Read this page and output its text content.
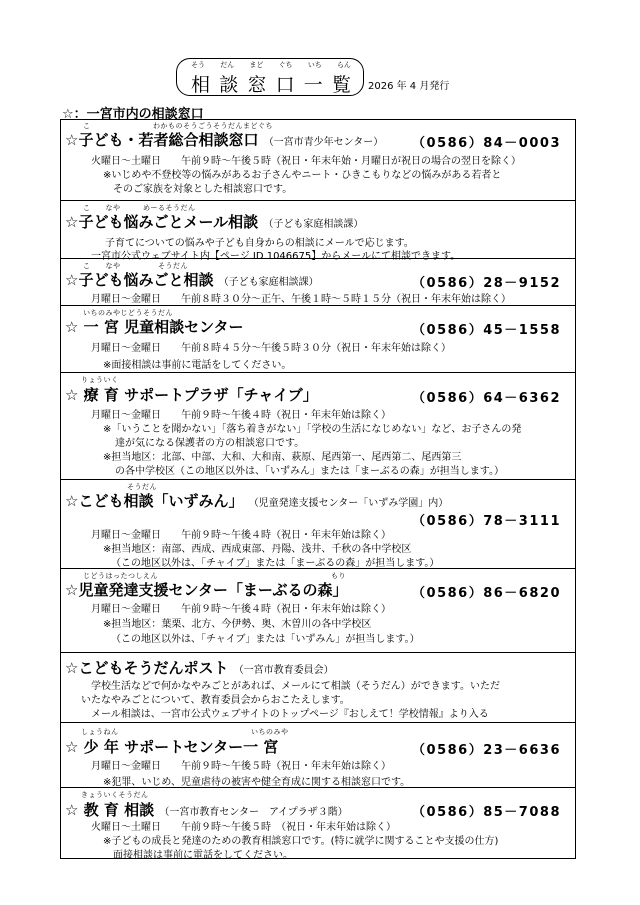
そう だん まど ぐち いち らん
相 談 窓 口 一 覧 2026 年 4 月発行
☆：一宮市内の相談窓口
こ	わかものそうごうそうだんまどぐち
☆子ども・若者総合相談窓口 （一宮市青少年センター） （0586）84－0003
火曜日～土曜日　　午前９時～午後５時（祝日・年末年始・月曜日が祝日の場合の翌日を除く）
※いじめや不登校等の悩みがあるお子さんやニート・ひきこもりなどの悩みがある若者と
そのご家族を対象とした相談窓口です。
こ　　なや　　　めーるそうだん
☆子ども悩みごとメール相談 （子ども家庭相談課）
子育てについての悩みや子ども自身からの相談にメールで応じます。
一宮市公式ウェブサイト内【ページ ID 1046675】からメールにて相談できます。
こ　　なや　　　　　そうだん
☆子ども悩みごと相談 （子ども家庭相談課）	（0586）28－9152
月曜日～金曜日　　午前８時３０分～正午、午後１時～５時１５分（祝日・年末年始は除く）
いちのみやじどうそうだん
☆ 一 宮 児童相談センター	（0586）45－1558
月曜日～金曜日　　午前８時４５分～午後５時３０分（祝日・年末年始は除く）
※面接相談は事前に電話をしてください。
りょういく
☆ 療 育 サポートプラザ「チャイブ」	（0586）64－6362
月曜日～金曜日　　午前９時～午後４時（祝日・年末年始は除く）
※「いうことを聞かない」「落ち着きがない」「学校の生活になじめない」など、お子さんの発
達が気になる保護者の方の相談窓口です。
※担当地区：北部、中部、大和、大和南、萩原、尾西第一、尾西第二、尾西第三
の各中学校区（この地区以外は、「いずみん」または「まーぶるの森」が担当します。）
そうだん
☆こども相談「いずみん」 （児童発達支援センター「いずみ学園」内）
（0586）78－3111
月曜日～金曜日　　午前９時～午後４時（祝日・年末年始は除く）
※担当地区：南部、西成、西成東部、丹陽、浅井、千秋の各中学校区
（この地区以外は、「チャイブ」または「まーぶるの森」が担当します。）
じどうはったつしえん	もり
☆児童発達支援センター「まーぶるの森」	（0586）86－6820
月曜日～金曜日　　午前９時～午後４時（祝日・年末年始は除く）
※担当地区：葉栗、北方、今伊勢、奥、木曽川の各中学校区
（この地区以外は、「チャイブ」または「いずみん」が担当します。）
☆こどもそうだんポスト （一宮市教育委員会）
学校生活などで何かなやみごとがあれば、メールにて相談（そうだん）ができます。いただ
いたなやみごとについて、教育委員会からおこたえします。
メール相談は、一宮市公式ウェブサイトのトップページ『おしえて！学校情報』より入る
しょうねん	いちのみや
☆ 少 年 サポートセンター一 宮	（0586）23－6636
月曜日～金曜日　　午前９時～午後５時（祝日・年末年始は除く）
※犯罪、いじめ、児童虐待の被害や健全育成に関する相談窓口です。
きょういくそうだん
☆ 教 育 相談 （一宮市教育センター　アイプラザ３階）	（0586）85－7088
火曜日～土曜日　　午前９時～午後５時　（祝日・年末年始は除く）
※子どもの成長と発達のための教育相談窓口です。(特に就学に関することや支援の仕方)
面接相談は事前に電話をしてください。
